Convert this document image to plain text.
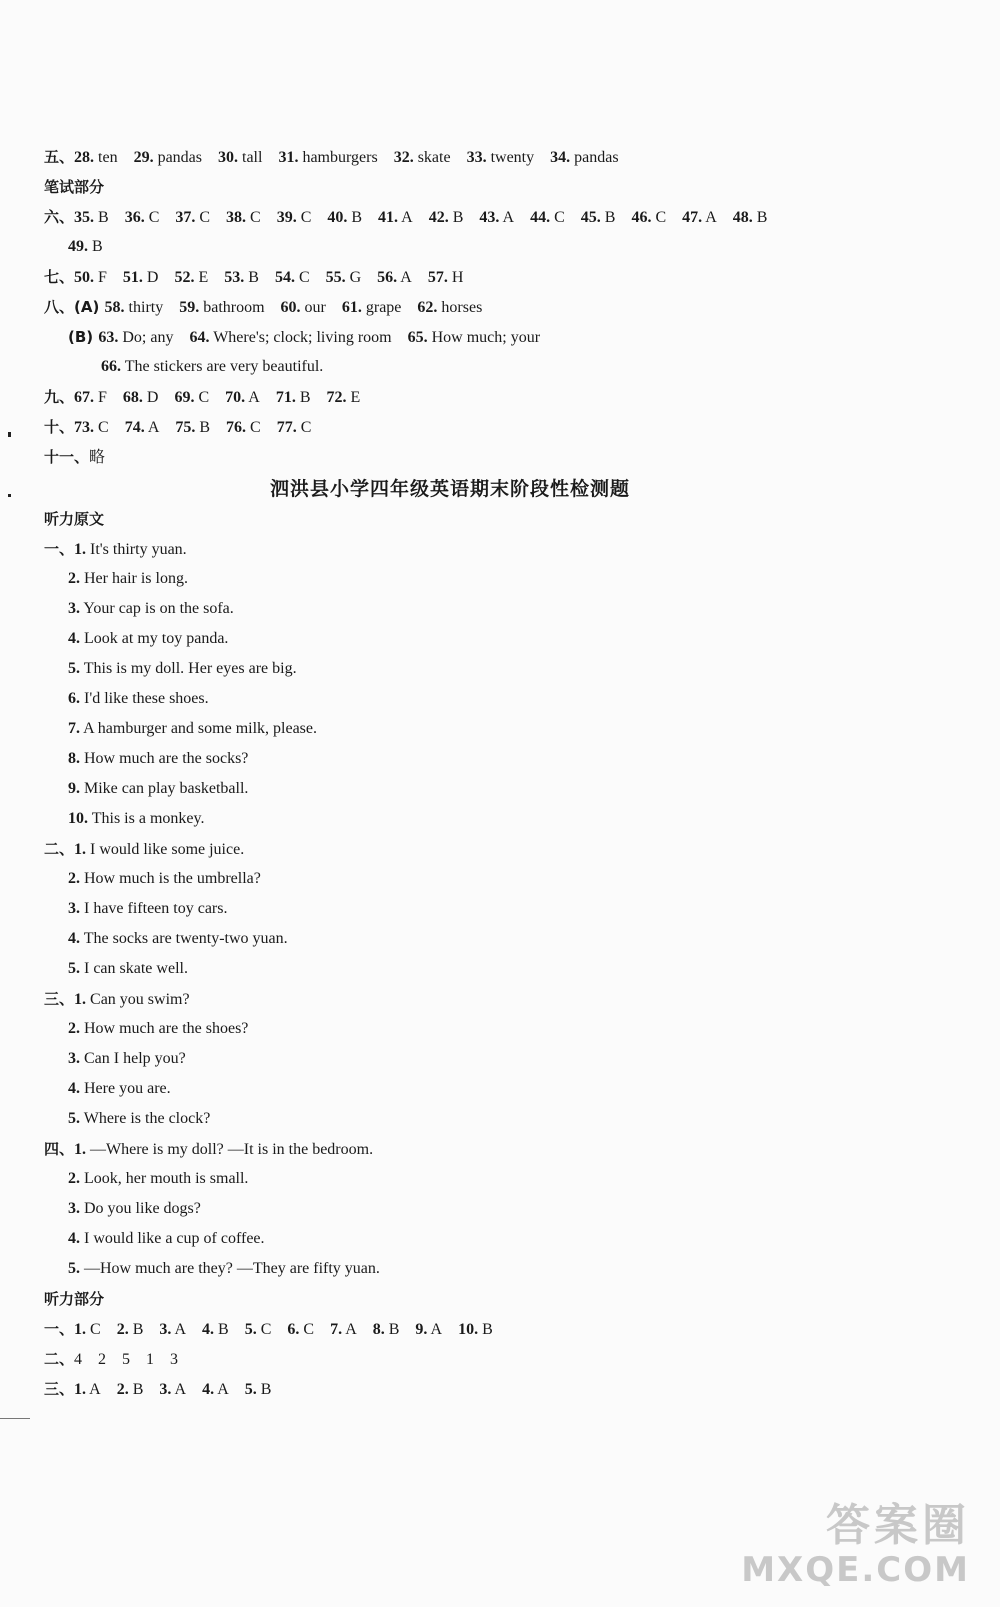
五、28. ten 29. pandas 30. tall 31. hamburgers 32. skate 33. twenty 34. pandas
笔试部分
六、35. B 36. C 37. C 38. C 39. C 40. B 41. A 42. B 43. A 44. C 45. B 46. C 47. A 48. B
49. B
七、50. F 51. D 52. E 53. B 54. C 55. G 56. A 57. H
八、(A) 58. thirty 59. bathroom 60. our 61. grape 62. horses
(B) 63. Do; any 64. Where's; clock; living room 65. How much; your
66. The stickers are very beautiful.
九、67. F 68. D 69. C 70. A 71. B 72. E
十、73. C 74. A 75. B 76. C 77. C
十一、略
听力原文
一、1. It's thirty yuan.
2. Her hair is long.
3. Your cap is on the sofa.
4. Look at my toy panda.
5. This is my doll. Her eyes are big.
6. I'd like these shoes.
7. A hamburger and some milk, please.
8. How much are the socks?
9. Mike can play basketball.
10. This is a monkey.
二、1. I would like some juice.
2. How much is the umbrella?
3. I have fifteen toy cars.
4. The socks are twenty-two yuan.
5. I can skate well.
三、1. Can you swim?
2. How much are the shoes?
3. Can I help you?
4. Here you are.
5. Where is the clock?
四、1. —Where is my doll? —It is in the bedroom.
2. Look, her mouth is small.
3. Do you like dogs?
4. I would like a cup of coffee.
5. —How much are they? —They are fifty yuan.
听力部分
一、1. C 2. B 3. A 4. B 5. C 6. C 7. A 8. B 9. A 10. B
二、4 2 5 1 3
三、1. A 2. B 3. A 4. A 5. B
泗洪县小学四年级英语期末阶段性检测题
答案圈
MXQE.COM
